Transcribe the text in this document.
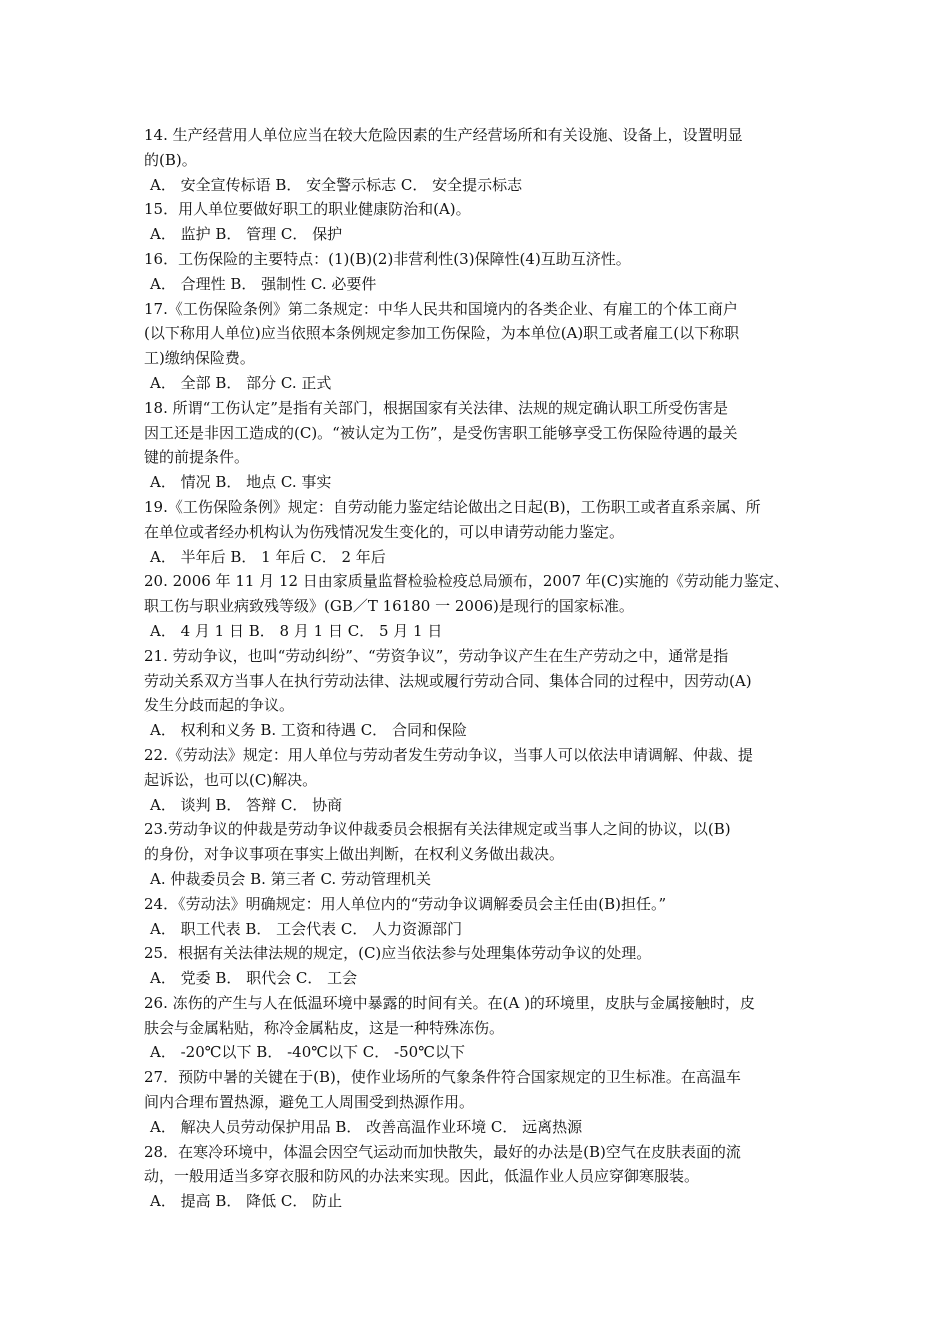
14. 生产经营用人单位应当在较大危险因素的生产经营场所和有关设施、设备上，设置明显
的(B)。
A． 安全宣传标语 B． 安全警示标志 C． 安全提示标志
15．用人单位要做好职工的职业健康防治和(A)。
A． 监护 B． 管理 C． 保护
16．工伤保险的主要特点：(1)(B)(2)非营利性(3)保障性(4)互助互济性。
A． 合理性 B． 强制性 C. 必要件
17.《工伤保险条例》第二条规定：中华人民共和国境内的各类企业、有雇工的个体工商户
(以下称用人单位)应当依照本条例规定参加工伤保险，为本单位(A)职工或者雇工(以下称职
工)缴纳保险费。
A． 全部 B． 部分 C. 正式
18. 所谓“工伤认定”是指有关部门，根据国家有关法律、法规的规定确认职工所受伤害是
因工还是非因工造成的(C)。“被认定为工伤”，是受伤害职工能够享受工伤保险待遇的最关
键的前提条件。
A． 情况 B． 地点 C. 事实
19.《工伤保险条例》规定：自劳动能力鉴定结论做出之日起(B)，工伤职工或者直系亲属、所
在单位或者经办机构认为伤残情况发生变化的，可以申请劳动能力鉴定。
A． 半年后 B． 1 年后 C． 2 年后
20. 2006 年 11 月 12 日由家质量监督检验检疫总局颁布，2007 年(C)实施的《劳动能力鉴定、
职工伤与职业病致残等级》(GB／T 16180 一 2006)是现行的国家标准。
A． 4 月 1 日 B． 8 月 1 日 C． 5 月 1 日
21. 劳动争议，也叫“劳动纠纷”、“劳资争议”，劳动争议产生在生产劳动之中，通常是指
劳动关系双方当事人在执行劳动法律、法规或履行劳动合同、集体合同的过程中，因劳动(A)
发生分歧而起的争议。
A． 权利和义务 B. 工资和待遇 C． 合同和保险
22.《劳动法》规定：用人单位与劳动者发生劳动争议，当事人可以依法申请调解、仲裁、提
起诉讼，也可以(C)解决。
A． 谈判 B． 答辩 C． 协商
23.劳动争议的仲裁是劳动争议仲裁委员会根据有关法律规定或当事人之间的协议，以(B)
的身份，对争议事项在事实上做出判断，在权利义务做出裁决。
A. 仲裁委员会 B. 第三者 C. 劳动管理机关
24．《劳动法》明确规定：用人单位内的“劳动争议调解委员会主任由(B)担任。”
A． 职工代表 B． 工会代表 C． 人力资源部门
25．根据有关法律法规的规定，(C)应当依法参与处理集体劳动争议的处理。
A． 党委 B． 职代会 C． 工会
26. 冻伤的产生与人在低温环境中暴露的时间有关。在(A )的环境里，皮肤与金属接触时，皮
肤会与金属粘贴，称冷金属粘皮，这是一种特殊冻伤。
A． -20℃以下 B． -40℃以下 C． -50℃以下
27．预防中暑的关键在于(B)，使作业场所的气象条件符合国家规定的卫生标准。在高温车
间内合理布置热源，避免工人周围受到热源作用。
A． 解决人员劳动保护用品 B． 改善高温作业环境 C． 远离热源
28．在寒冷环境中，体温会因空气运动而加快散失，最好的办法是(B)空气在皮肤表面的流
动，一般用适当多穿衣服和防风的办法来实现。因此，低温作业人员应穿御寒服装。
A． 提高 B． 降低 C． 防止
